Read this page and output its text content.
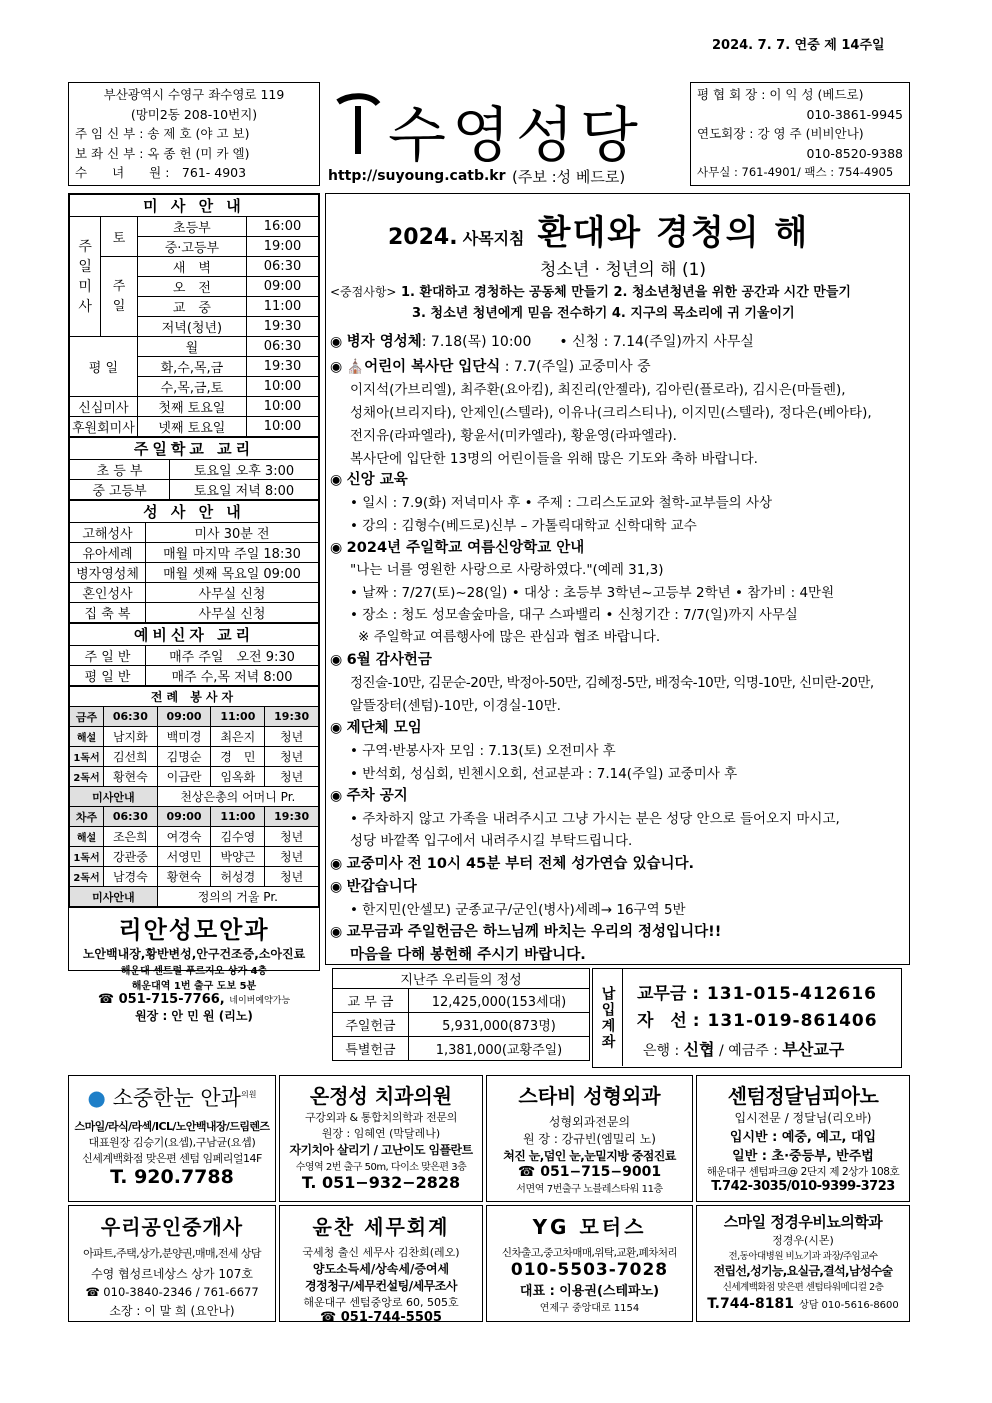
2024. 7. 7. 연중 제 14주일
부산광역시 수영구 좌수영로 119
(망미2동 208-10번지)
주 임 신 부 : 송 제 호 (야 고 보)
보 좌 신 부 : 옥 종 헌 (미 카 엘)
수　　녀　　원 :　761- 4903
수영성당
http://suyoung.catb.kr (주보 :성 베드로)
평 협 회 장 : 이 익 성 (베드로)
010-3861-9945
연도회장 : 강 영 주 (비비안나)
010-8520-9388
사무실 : 761-4901/ 팩스 : 754-4905
미 사 안 내			
주일미사	토	초등부	16:00
		중·고등부	19:00
	주일	새　벽	06:30
		오　전	09:00
		교　중	11:00
		저녁(청년)	19:30
평 일		월	06:30
		화,수,목,금	19:30
		수,목,금,토	10:00
신심미사		첫째 토요일	10:00
후원회미사		넷째 토요일	10:00
주일학교 교리	
초 등 부	토요일 오후 3:00
중 고등부	토요일 저녁 8:00
성 사 안 내	
고해성사	미사 30분 전
유아세례	매월 마지막 주일 18:30
병자영성체	매월 셋째 목요일 09:00
혼인성사	사무실 신청
집 축 복	사무실 신청
예비신자 교리	
주 일 반	매주 주일　오전 9:30
평 일 반	매주 수,목 저녁 8:00
전례 봉사자				
금주	06:30	09:00	11:00	19:30
해설	남지화	백미경	최은지	청년
1독서	김선희	김명순	경　민	청년
2독서	황현숙	이금란	임옥화	청년
미사안내		천상은총의 어머니 Pr.		
차주	06:30	09:00	11:00	19:30
해설	조은희	여경숙	김수영	청년
1독서	강관중	서영민	박양근	청년
2독서	남경숙	황현숙	허성경	청년
미사안내		정의의 거울 Pr.		
리안성모안과
노안백내장,황반변성,안구건조증,소아진료
해운대 센트럴 푸르지오 상가 4층
해운대역 1번 출구 도보 5분
☎ 051-715-7766, 네이버예약가능
원장 : 안 민 원 (리노)
2024. 사목지침 환대와 경청의 해
청소년 · 청년의 해 (1)
<중점사항> 1. 환대하고 경청하는 공동체 만들기 2. 청소년청년을 위한 공간과 시간 만들기
3. 청소년 청년에게 믿음 전수하기 4. 지구의 목소리에 귀 기울이기
◉ 병자 영성체: 7.18(목) 10:00　　 • 신청 : 7.14(주일)까지 사무실
◉ ⛪어린이 복사단 입단식 : 7.7(주일) 교중미사 중
이지석(가브리엘), 최주환(요아킴), 최진리(안젤라), 김아린(플로라), 김시은(마들렌),
성채아(브리지타), 안제인(스텔라), 이유나(크리스티나), 이지민(스텔라), 정다은(베아타),
전지유(라파엘라), 황윤서(미카엘라), 황윤영(라파엘라).
복사단에 입단한 13명의 어린이들을 위해 많은 기도와 축하 바랍니다.
◉ 신앙 교육
• 일시 : 7.9(화) 저녁미사 후 • 주제 : 그리스도교와 철학-교부들의 사상
• 강의 : 김형수(베드로)신부 – 가톨릭대학교 신학대학 교수
◉ 2024년 주일학교 여름신앙학교 안내
"나는 너를 영원한 사랑으로 사랑하였다."(예레 31,3)
• 날짜 : 7/27(토)~28(일) • 대상 : 초등부 3학년~고등부 2학년 • 참가비 : 4만원
• 장소 : 청도 성모솔숲마을, 대구 스파밸리 • 신청기간 : 7/7(일)까지 사무실
※ 주일학교 여름행사에 많은 관심과 협조 바랍니다.
◉ 6월 감사헌금
정진술-10만, 김문순-20만, 박정아-50만, 김혜정-5만, 배정숙-10만, 익명-10만, 신미란-20만,
알뜰장터(센텀)-10만, 이경실-10만.
◉ 제단체 모임
• 구역·반봉사자 모임 : 7.13(토) 오전미사 후
• 반석회, 성심회, 빈첸시오회, 선교분과 : 7.14(주일) 교중미사 후
◉ 주차 공지
• 주차하지 않고 가족을 내려주시고 그냥 가시는 분은 성당 안으로 들어오지 마시고,
성당 바깥쪽 입구에서 내려주시길 부탁드립니다.
◉ 교중미사 전 10시 45분 부터 전체 성가연습 있습니다.
◉ 반갑습니다
• 한지민(안셀모) 군종교구/군인(병사)세례→ 16구역 5반
◉ 교무금과 주일헌금은 하느님께 바치는 우리의 정성입니다!!
마음을 다해 봉헌해 주시기 바랍니다.
지난주 우리들의 정성	
교 무 금	12,425,000(153세대)
주일헌금	5,931,000(873명)
특별헌금	1,381,000(교황주일)
납입계좌	교무금 : 131-015-412616
자　선 : 131-019-861406
은행 : 신협 / 예금주 : 부산교구
● 소중한눈 안과$^{의원}$
스마일/라식/라섹/ICL/노안백내장/드림렌즈
대표원장 김승기(요셉),구남균(요셉)
신세계백화점 맞은편 센텀 임페리얼14F
T. 920.7788
온정성 치과의원
구강외과 & 통합치의학과 전문의
원장 : 임혜연 (막달레나)
자기치아 살리기 / 고난이도 임플란트
수영역 2번 출구 50m, 다이소 맞은편 3층
T. 051−932−2828
스타비 성형외과
성형외과전문의
원 장 : 강규빈(엠밀리 노)
쳐진 눈,덤인 눈,눈밑지방 중점진료
☎ 051−715−9001
서면역 7번출구 노블레스타워 11층
센텀정달님피아노
입시전문 / 정달님(리오바)
입시반 : 예중, 예고, 대입
일반 : 초·중등부, 반주법
해운대구 센텀파크@ 2단지 제 2상가 108호
T.742-3035/010-9399-3723
우리공인중개사
아파트,주택,상가,분양권,매매,전세 상담
수영 협성르네상스 상가 107호
☎ 010-3840-2346 / 761-6677
소장 : 이 말 희 (요안나)
윤찬 세무회계
국세청 출신 세무사 김찬희(레오)
양도소득세/상속세/증여세
경정청구/세무컨설팅/세무조사
해운대구 센텀중앙로 60, 505호
☎ 051-744-5505
YG 모터스
신차출고,중고차매매,위탁,교환,폐차처리
010-5503-7028
대표 : 이용권(스테파노)
연제구 중앙대로 1154
스마일 정경우비뇨의학과
정경우(시몬)
전,동아대병원 비뇨기과 과장/주임교수
전립선,성기능,요실금,결석,남성수술
신세계백화점 맞은편 센텀타워메디컬 2층
T.744-8181 상담 010-5616-8600
